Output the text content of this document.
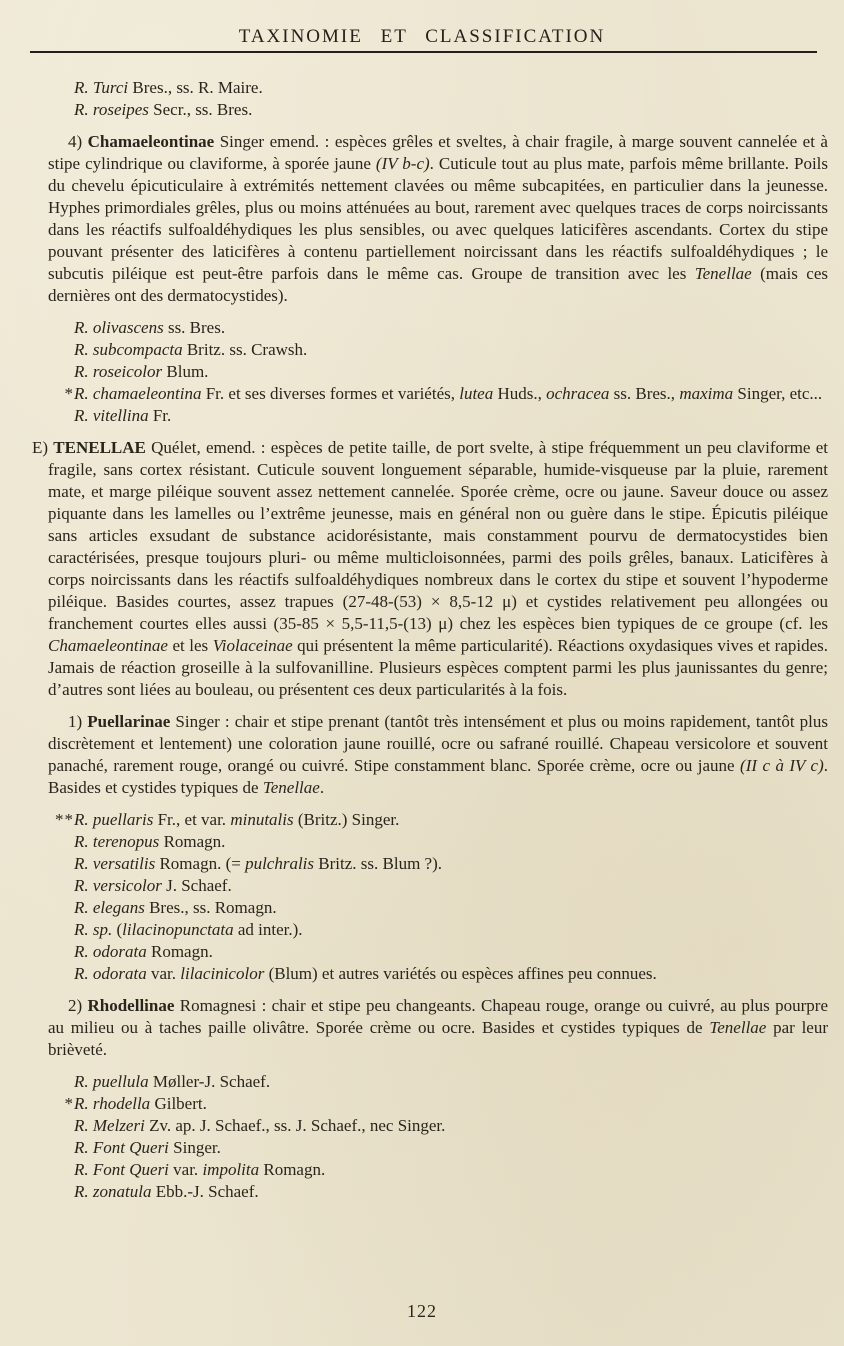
TAXINOMIE ET CLASSIFICATION
R. Turci Bres., ss. R. Maire.
R. roseipes Secr., ss. Bres.

4) Chamaeleontinae Singer emend. : espèces grêles et sveltes, à chair fragile, à marge souvent cannelée et à stipe cylindrique ou claviforme, à sporée jaune (IV b-c). Cuticule tout au plus mate, parfois même brillante. Poils du chevelu épicuticulaire à extrémités nettement clavées ou même subcapitées, en particulier dans la jeunesse. Hyphes primordiales grêles, plus ou moins atténuées au bout, rarement avec quelques traces de corps noircissants dans les réactifs sulfoaldéhydiques les plus sensibles, ou avec quelques laticifères ascendants. Cortex du stipe pouvant présenter des laticifères à contenu partiellement noircissant dans les réactifs sulfoaldéhydiques ; le subcutis piléique est peut-être parfois dans le même cas. Groupe de transition avec les Tenellae (mais ces dernières ont des dermatocystides).

R. olivascens ss. Bres.
R. subcompacta Britz. ss. Crawsh.
R. roseicolor Blum.
*R. chamaeleontina Fr. et ses diverses formes et variétés, lutea Huds., ochracea ss. Bres., maxima Singer, etc...
R. vitellina Fr.

E) TENELLAE Quélet, emend. : espèces de petite taille, de port svelte, à stipe fréquemment un peu claviforme et fragile, sans cortex résistant. Cuticule souvent longuement séparable, humide-visqueuse par la pluie, rarement mate, et marge piléique souvent assez nettement cannelée. Sporée crème, ocre ou jaune. Saveur douce ou assez piquante dans les lamelles ou l’extrême jeunesse, mais en général non ou guère dans le stipe. Épicutis piléique sans articles exsudant de substance acidorésistante, mais constamment pourvu de dermatocystides bien caractérisées, presque toujours pluri- ou même multicloisonnées, parmi des poils grêles, banaux. Laticifères à corps noircissants dans les réactifs sulfoaldéhydiques nombreux dans le cortex du stipe et souvent l’hypoderme piléique. Basides courtes, assez trapues (27-48-(53) × 8,5-12 μ) et cystides relativement peu allongées ou franchement courtes elles aussi (35-85 × 5,5-11,5-(13) μ) chez les espèces bien typiques de ce groupe (cf. les Chamaeleontinae et les Violaceinae qui présentent la même particularité). Réactions oxydasiques vives et rapides. Jamais de réaction groseille à la sulfovanilline. Plusieurs espèces comptent parmi les plus jaunissantes du genre; d’autres sont liées au bouleau, ou présentent ces deux particularités à la fois.

1) Puellarinae Singer : chair et stipe prenant (tantôt très intensément et plus ou moins rapidement, tantôt plus discrètement et lentement) une coloration jaune rouillé, ocre ou safrané rouillé. Chapeau versicolore et souvent panaché, rarement rouge, orangé ou cuivré. Stipe constamment blanc. Sporée crème, ocre ou jaune (II c à IV c). Basides et cystides typiques de Tenellae.

**R. puellaris Fr., et var. minutalis (Britz.) Singer.
R. terenopus Romagn.
R. versatilis Romagn. (= pulchralis Britz. ss. Blum ?).
R. versicolor J. Schaef.
R. elegans Bres., ss. Romagn.
R. sp. (lilacinopunctata ad inter.).
R. odorata Romagn.
R. odorata var. lilacinicolor (Blum) et autres variétés ou espèces affines peu connues.

2) Rhodellinae Romagnesi : chair et stipe peu changeants. Chapeau rouge, orange ou cuivré, au plus pourpre au milieu ou à taches paille olivâtre. Sporée crème ou ocre. Basides et cystides typiques de Tenellae par leur brièveté.

R. puellula Møller-J. Schaef.
*R. rhodella Gilbert.
R. Melzeri Zv. ap. J. Schaef., ss. J. Schaef., nec Singer.
R. Font Queri Singer.
R. Font Queri var. impolita Romagn.
R. zonatula Ebb.-J. Schaef.
122
